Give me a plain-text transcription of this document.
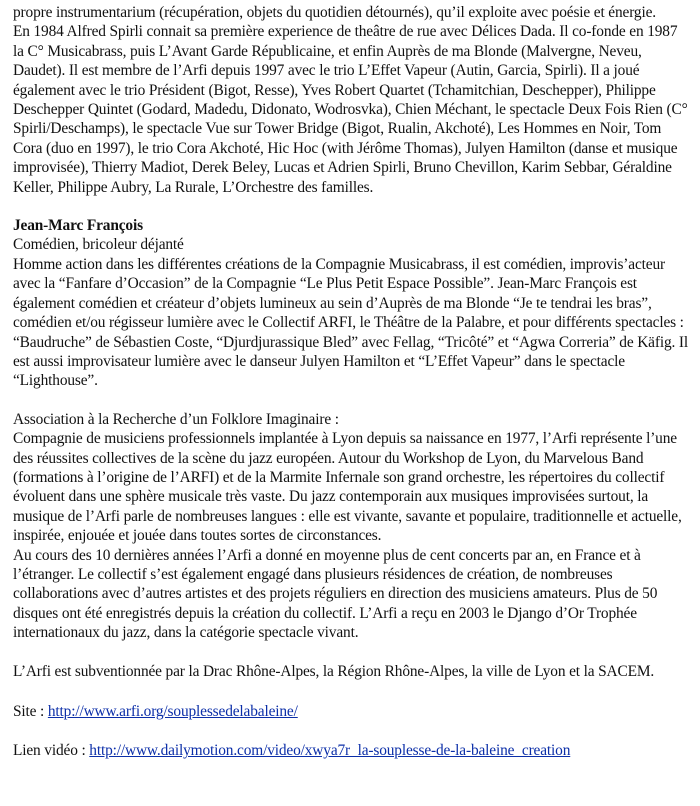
propre instrumentarium (récupération, objets du quotidien détournés), qu’il exploite avec poésie et énergie.

En 1984 Alfred Spirli connait sa première experience de theâtre de rue avec Délices Dada. Il co-fonde en 1987 la C° Musicabrass, puis L’Avant Garde Républicaine, et enfin Auprès de ma Blonde (Malvergne, Neveu, Daudet). Il est membre de l’Arfi depuis 1997 avec le trio L’Effet Vapeur (Autin, Garcia, Spirli). Il a joué également avec le trio Président (Bigot, Resse), Yves Robert Quartet (Tchamitchian, Deschepper), Philippe Deschepper Quintet (Godard, Madedu, Didonato, Wodrosvka), Chien Méchant, le spectacle Deux Fois Rien (C° Spirli/Deschamps), le spectacle Vue sur Tower Bridge (Bigot, Rualin, Akchoté), Les Hommes en Noir, Tom Cora (duo en 1997), le trio Cora Akchoté, Hic Hoc (with Jérôme Thomas), Julyen Hamilton (danse et musique improvisée), Thierry Madiot, Derek Beley, Lucas et Adrien Spirli, Bruno Chevillon, Karim Sebbar, Géraldine Keller, Philippe Aubry, La Rurale, L’Orchestre des familles.

Jean-Marc François

Comédien, bricoleur déjanté

Homme action dans les différentes créations de la Compagnie Musicabrass, il est comédien, improvis’acteur avec la “Fanfare d’Occasion” de la Compagnie “Le Plus Petit Espace Possible”. Jean-Marc François est également comédien et créateur d’objets lumineux au sein d’Auprès de ma Blonde “Je te tendrai les bras”, comédien et/ou régisseur lumière avec le Collectif ARFI, le Théâtre de la Palabre, et pour différents spectacles : “Baudruche” de Sébastien Coste, “Djurdjurassique Bled” avec Fellag, “Tricôté” et “Agwa Correria” de Käfig. Il est aussi improvisateur lumière avec le danseur Julyen Hamilton et “L’Effet Vapeur” dans le spectacle “Lighthouse”.

Association à la Recherche d’un Folklore Imaginaire :

Compagnie de musiciens professionnels implantée à Lyon depuis sa naissance en 1977, l’Arfi représente l’une des réussites collectives de la scène du jazz européen. Autour du Workshop de Lyon, du Marvelous Band (formations à l’origine de l’ARFI) et de la Marmite Infernale son grand orchestre, les répertoires du collectif évoluent dans une sphère musicale très vaste. Du jazz contemporain aux musiques improvisées surtout, la musique de l’Arfi parle de nombreuses langues : elle est vivante, savante et populaire, traditionnelle et actuelle, inspirée, enjouée et jouée dans toutes sortes de circonstances.

Au cours des 10 dernières années l’Arfi a donné en moyenne plus de cent concerts par an, en France et à l’étranger. Le collectif s’est également engagé dans plusieurs résidences de création, de nombreuses collaborations avec d’autres artistes et des projets réguliers en direction des musiciens amateurs. Plus de 50 disques ont été enregistrés depuis la création du collectif. L’Arfi a reçu en 2003 le Django d’Or Trophée internationaux du jazz, dans la catégorie spectacle vivant.

L’Arfi est subventionnée par la Drac Rhône-Alpes, la Région Rhône-Alpes, la ville de Lyon et la SACEM.

Site : http://www.arfi.org/souplessedelabaleine/

Lien vidéo : http://www.dailymotion.com/video/xwya7r_la-souplesse-de-la-baleine_creation
